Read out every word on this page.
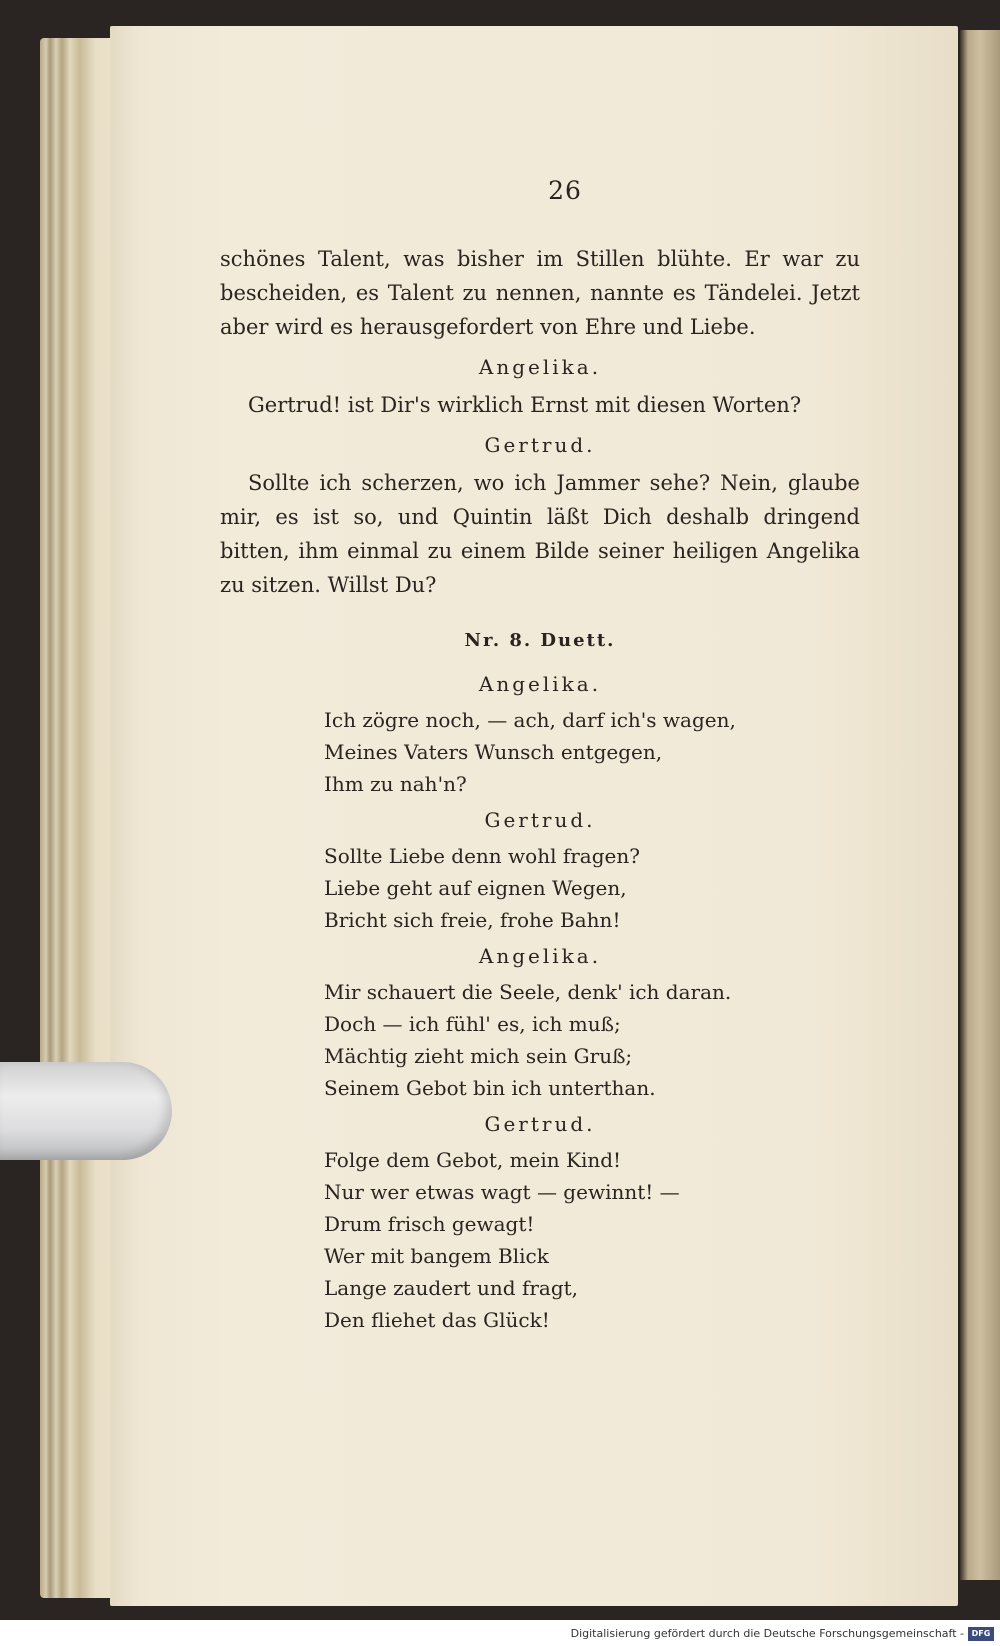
26

schönes Talent, was bisher im Stillen blühte. Er war zu bescheiden, es Talent zu nennen, nannte es Tändelei. Jetzt aber wird es herausgefordert von Ehre und Liebe.

Angelika.

Gertrud! ist Dir's wirklich Ernst mit diesen Worten?

Gertrud.

Sollte ich scherzen, wo ich Jammer sehe? Nein, glaube mir, es ist so, und Quintin läßt Dich deshalb dringend bitten, ihm einmal zu einem Bilde seiner heiligen Angelika zu sitzen. Willst Du?

Nr. 8. Duett.
Angelika.
Ich zögre noch, — ach, darf ich's wagen,
Meines Vaters Wunsch entgegen,
Ihm zu nah'n?
Gertrud.
Sollte Liebe denn wohl fragen?
Liebe geht auf eignen Wegen,
Bricht sich freie, frohe Bahn!
Angelika.
Mir schauert die Seele, denk' ich daran.
Doch — ich fühl' es, ich muß;
Mächtig zieht mich sein Gruß;
Seinem Gebot bin ich unterthan.
Gertrud.
Folge dem Gebot, mein Kind!
Nur wer etwas wagt — gewinnt! —
Drum frisch gewagt!
Wer mit bangem Blick
Lange zaudert und fragt,
Den fliehet das Glück!
Digitalisierung gefördert durch die Deutsche Forschungsgemeinschaft - DFG
